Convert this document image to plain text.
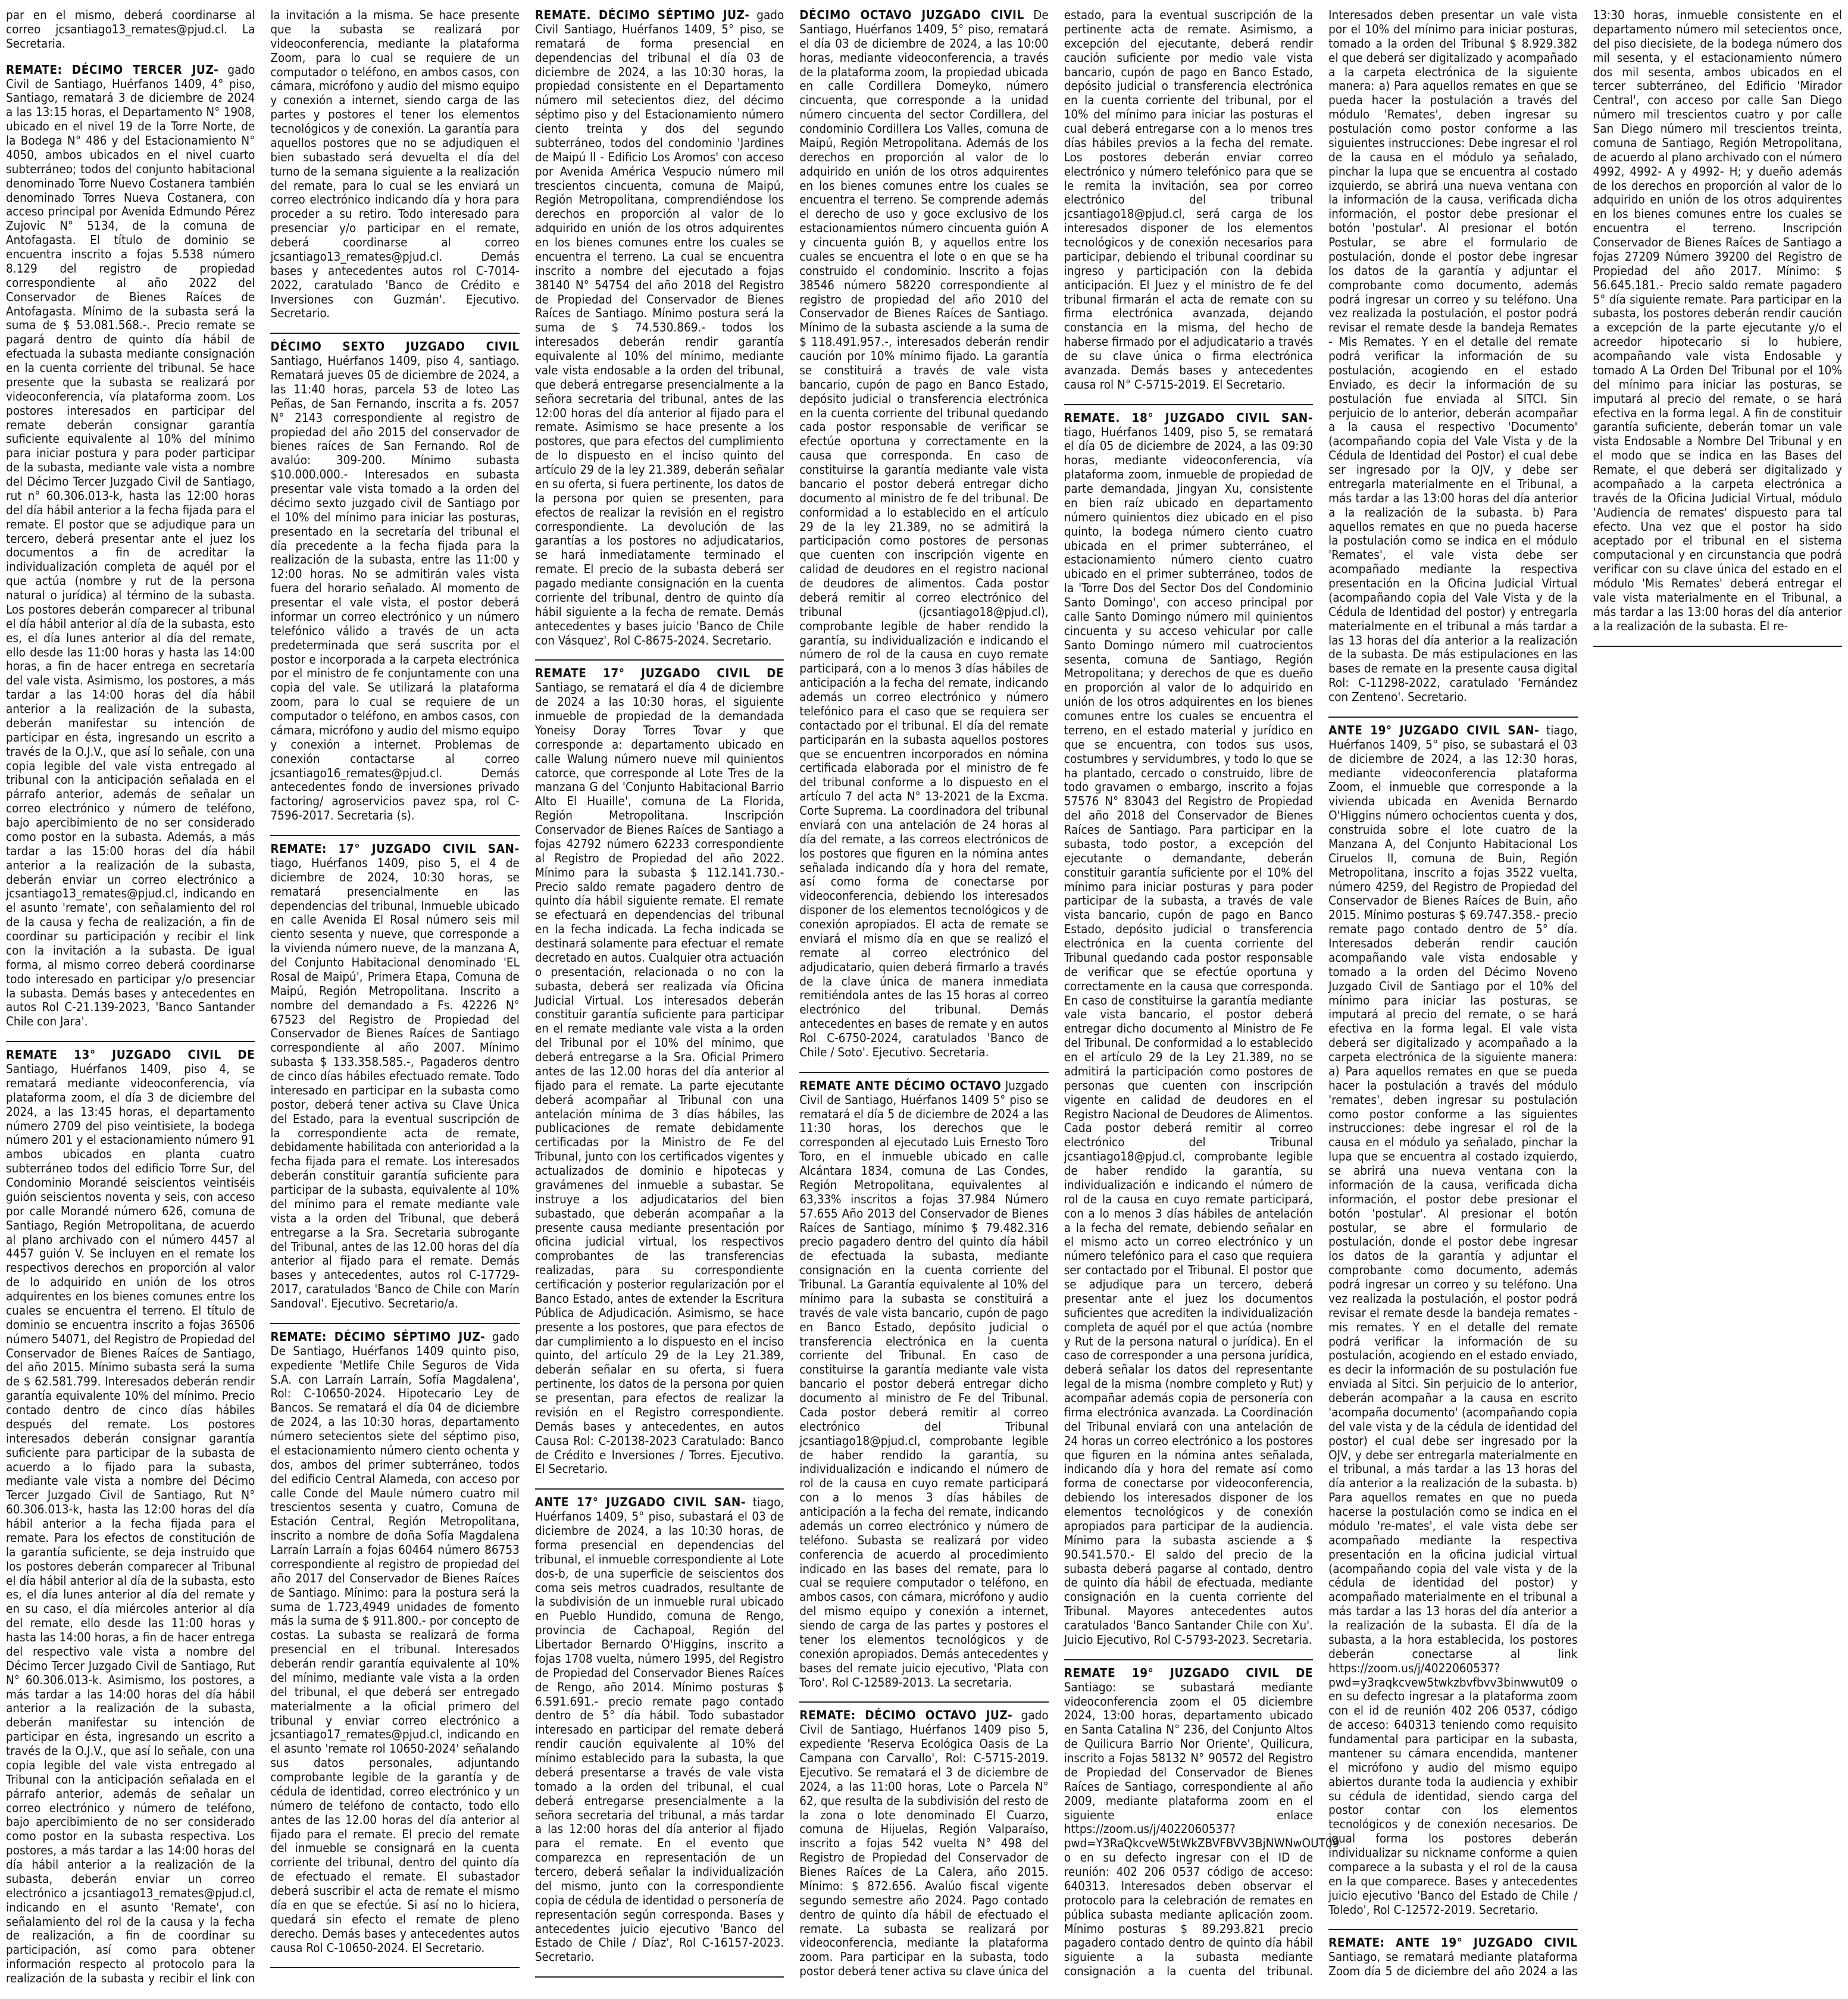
par en el mismo, deberá coordinarse al correo jcsantiago13_remates@pjud.cl. La Secretaria.
REMATE: DÉCIMO TERCER JUZ- gado Civil de Santiago, Huérfanos 1409, 4° piso, Santiago, rematará 3 de diciembre de 2024 a las 13:15 horas, el Departamento N° 1908, ubicado en el nivel 19 de la Torre Norte, de la Bodega N° 486 y del Estacionamiento N° 4050, ambos ubicados en el nivel cuarto subterráneo; todos del conjunto habitacional denominado Torre Nuevo Costanera también denominado Torres Nueva Costanera, con acceso principal por Avenida Edmundo Pérez Zujovic N° 5134, de la comuna de Antofagasta. El título de dominio se encuentra inscrito a fojas 5.538 número 8.129 del registro de propiedad correspondiente al año 2022 del Conservador de Bienes Raíces de Antofagasta. Mínimo de la subasta será la suma de $ 53.081.568.-. Precio remate se pagará dentro de quinto día hábil de efectuada la subasta mediante consignación en la cuenta corriente del tribunal. Se hace presente que la subasta se realizará por videoconferencia, vía plataforma zoom. Los postores interesados en participar del remate deberán consignar garantía suficiente equivalente al 10% del mínimo para iniciar postura y para poder participar de la subasta, mediante vale vista a nombre del Décimo Tercer Juzgado Civil de Santiago, rut n° 60.306.013-k, hasta las 12:00 horas del día hábil anterior a la fecha fijada para el remate. El postor que se adjudique para un tercero, deberá presentar ante el juez los documentos a fin de acreditar la individualización completa de aquél por el que actúa (nombre y rut de la persona natural o jurídica) al término de la subasta. Los postores deberán comparecer al tribunal el día hábil anterior al día de la subasta, esto es, el día lunes anterior al día del remate, ello desde las 11:00 horas y hasta las 14:00 horas, a fin de hacer entrega en secretaría del vale vista. Asimismo, los postores, a más tardar a las 14:00 horas del día hábil anterior a la realización de la subasta, deberán manifestar su intención de participar en ésta, ingresando un escrito a través de la O.J.V., que así lo señale, con una copia legible del vale vista entregado al tribunal con la anticipación señalada en el párrafo anterior, además de señalar un correo electrónico y número de teléfono, bajo apercibimiento de no ser considerado como postor en la subasta. Además, a más tardar a las 15:00 horas del día hábil anterior a la realización de la subasta, deberán enviar un correo electrónico a jcsantiago13_remates@pjud.cl, indicando en el asunto 'remate', con señalamiento del rol de la causa y fecha de realización, a fin de coordinar su participación y recibir el link con la invitación a la subasta. De igual forma, al mismo correo deberá coordinarse todo interesado en participar y/o presenciar la subasta. Demás bases y antecedentes en autos Rol C-21.139-2023, 'Banco Santander Chile con Jara'.
REMATE 13° JUZGADO CIVIL DE Santiago, Huérfanos 1409, piso 4, se rematará mediante videoconferencia, vía plataforma zoom, el día 3 de diciembre del 2024, a las 13:45 horas, el departamento número 2709 del piso veintisiete, la bodega número 201 y el estacionamiento número 91 ambos ubicados en planta cuatro subterráneo todos del edificio Torre Sur, del Condominio Morandé seiscientos veintiséis guión seiscientos noventa y seis, con acceso por calle Morandé número 626, comuna de Santiago, Región Metropolitana, de acuerdo al plano archivado con el número 4457 al 4457 guión V. Se incluyen en el remate los respectivos derechos en proporción al valor de lo adquirido en unión de los otros adquirentes en los bienes comunes entre los cuales se encuentra el terreno. El título de dominio se encuentra inscrito a fojas 36506 número 54071, del Registro de Propiedad del Conservador de Bienes Raíces de Santiago, del año 2015. Mínimo subasta será la suma de $ 62.581.799. Interesados deberán rendir garantía equivalente 10% del mínimo. Precio contado dentro de cinco días hábiles después del remate. Los postores interesados deberán consignar garantía suficiente para participar de la subasta de acuerdo a lo fijado para la subasta, mediante vale vista a nombre del Décimo Tercer Juzgado Civil de Santiago, Rut N° 60.306.013-k, hasta las 12:00 horas del día hábil anterior a la fecha fijada para el remate. Para los efectos de constitución de la garantía suficiente, se deja instruido que los postores deberán comparecer al Tribunal el día hábil anterior al día de la subasta, esto es, el día lunes anterior al día del remate y en su caso, el día miércoles anterior al día del remate, ello desde las 11:00 horas y hasta las 14:00 horas, a fin de hacer entrega del respectivo vale vista a nombre del Décimo Tercer Juzgado Civil de Santiago, Rut N° 60.306.013-k. Asimismo, los postores, a más tardar a las 14:00 horas del día hábil anterior a la realización de la subasta, deberán manifestar su intención de participar en ésta, ingresando un escrito a través de la O.J.V., que así lo señale, con una copia legible del vale vista entregado al Tribunal con la anticipación señalada en el párrafo anterior, además de señalar un correo electrónico y número de teléfono, bajo apercibimiento de no ser considerado como postor en la subasta respectiva. Los postores, a más tardar a las 14:00 horas del día hábil anterior a la realización de la subasta, deberán enviar un correo electrónico a jcsantiago13_remates@pjud.cl, indicando en el asunto 'Remate', con señalamiento del rol de la causa y la fecha de realización, a fin de coordinar su participación, así como para obtener información respecto al protocolo para la realización de la subasta y recibir el link con la invitación a la misma. Se hace presente que la subasta se realizará por videoconferencia, mediante la plataforma Zoom, para lo cual se requiere de un computador o teléfono, en ambos casos, con cámara, micrófono y audio del mismo equipo y conexión a internet, siendo carga de las partes y postores el tener los elementos tecnológicos y de conexión. La garantía para aquellos postores que no se adjudiquen el bien subastado será devuelta el día del turno de la semana siguiente a la realización del remate, para lo cual se les enviará un correo electrónico indicando día y hora para proceder a su retiro. Todo interesado para presenciar y/o participar en el remate, deberá coordinarse al correo jcsantiago13_remates@pjud.cl. Demás bases y antecedentes autos rol C-7014-2022, caratulado 'Banco de Crédito e Inversiones con Guzmán'. Ejecutivo. Secretario.
DÉCIMO SEXTO JUZGADO CIVIL Santiago, Huérfanos 1409, piso 4, santiago. Rematará jueves 05 de diciembre de 2024, a las 11:40 horas, parcela 53 de loteo Las Peñas, de San Fernando, inscrita a fs. 2057 N° 2143 correspondiente al registro de propiedad del año 2015 del conservador de bienes raíces de San Fernando. Rol de avalúo: 309-200. Mínimo subasta $10.000.000.- Interesados en subasta presentar vale vista tomado a la orden del décimo sexto juzgado civil de Santiago por el 10% del mínimo para iniciar las posturas, presentado en la secretaría del tribunal el día precedente a la fecha fijada para la realización de la subasta, entre las 11:00 y 12:00 horas. No se admitirán vales vista fuera del horario señalado. Al momento de presentar el vale vista, el postor deberá informar un correo electrónico y un número telefónico válido a través de un acta predeterminada que será suscrita por el postor e incorporada a la carpeta electrónica por el ministro de fe conjuntamente con una copia del vale. Se utilizará la plataforma zoom, para lo cual se requiere de un computador o teléfono, en ambos casos, con cámara, micrófono y audio del mismo equipo y conexión a internet. Problemas de conexión contactarse al correo jcsantiago16_remates@pjud.cl. Demás antecedentes fondo de inversiones privado factoring/ agroservicios pavez spa, rol C-7596-2017. Secretaria (s).
REMATE: 17° JUZGADO CIVIL SAN- tiago, Huérfanos 1409, piso 5, el 4 de diciembre de 2024, 10:30 horas, se rematará presencialmente en las dependencias del tribunal, Inmueble ubicado en calle Avenida El Rosal número seis mil ciento sesenta y nueve, que corresponde a la vivienda número nueve, de la manzana A, del Conjunto Habitacional denominado 'EL Rosal de Maipú', Primera Etapa, Comuna de Maipú, Región Metropolitana. Inscrito a nombre del demandado a Fs. 42226 N° 67523 del Registro de Propiedad del Conservador de Bienes Raíces de Santiago correspondiente al año 2007. Mínimo subasta $ 133.358.585.-, Pagaderos dentro de cinco días hábiles efectuado remate. Todo interesado en participar en la subasta como postor, deberá tener activa su Clave Única del Estado, para la eventual suscripción de la correspondiente acta de remate, debidamente habilitada con anterioridad a la fecha fijada para el remate. Los interesados deberán constituir garantía suficiente para participar de la subasta, equivalente al 10% del mínimo para el remate mediante vale vista a la orden del Tribunal, que deberá entregarse a la Sra. Secretaria subrogante del Tribunal, antes de las 12.00 horas del día anterior al fijado para el remate. Demás bases y antecedentes, autos rol C-17729-2017, caratulados 'Banco de Chile con Marín Sandoval'. Ejecutivo. Secretario/a.
REMATE: DÉCIMO SÉPTIMO JUZ- gado De Santiago, Huérfanos 1409 quinto piso, expediente 'Metlife Chile Seguros de Vida S.A. con Larraín Larraín, Sofía Magdalena', Rol: C-10650-2024. Hipotecario Ley de Bancos. Se rematará el día 04 de diciembre de 2024, a las 10:30 horas, departamento número setecientos siete del séptimo piso, el estacionamiento número ciento ochenta y dos, ambos del primer subterráneo, todos del edificio Central Alameda, con acceso por calle Conde del Maule número cuatro mil trescientos sesenta y cuatro, Comuna de Estación Central, Región Metropolitana, inscrito a nombre de doña Sofía Magdalena Larraín Larraín a fojas 60464 número 86753 correspondiente al registro de propiedad del año 2017 del Conservador de Bienes Raíces de Santiago. Mínimo: para la postura será la suma de 1.723,4949 unidades de fomento más la suma de $ 911.800.- por concepto de costas. La subasta se realizará de forma presencial en el tribunal. Interesados deberán rendir garantía equivalente al 10% del mínimo, mediante vale vista a la orden del tribunal, el que deberá ser entregado materialmente a la oficial primero del tribunal y enviar correo electrónico a jcsantiago17_remates@pjud.cl, indicando en el asunto 'remate rol 10650-2024' señalando sus datos personales, adjuntando comprobante legible de la garantía y de cédula de identidad, correo electrónico y un número de teléfono de contacto, todo ello antes de las 12.00 horas del día anterior al fijado para el remate. El precio del remate del inmueble se consignará en la cuenta corriente del tribunal, dentro del quinto día de efectuado el remate. El subastador deberá suscribir el acta de remate el mismo día en que se efectúe. Si así no lo hiciera, quedará sin efecto el remate de pleno derecho. Demás bases y antecedentes autos causa Rol C-10650-2024. El Secretario.
REMATE. DÉCIMO SÉPTIMO JUZ- gado Civil Santiago, Huérfanos 1409, 5° piso, se rematará de forma presencial en dependencias del tribunal el día 03 de diciembre de 2024, a las 10:30 horas, la propiedad consistente en el Departamento número mil setecientos diez, del décimo séptimo piso y del Estacionamiento número ciento treinta y dos del segundo subterráneo, todos del condominio 'Jardines de Maipú II - Edificio Los Aromos' con acceso por Avenida América Vespucio número mil trescientos cincuenta, comuna de Maipú, Región Metropolitana, comprendiéndose los derechos en proporción al valor de lo adquirido en unión de los otros adquirentes en los bienes comunes entre los cuales se encuentra el terreno. La cual se encuentra inscrito a nombre del ejecutado a fojas 38140 N° 54754 del año 2018 del Registro de Propiedad del Conservador de Bienes Raíces de Santiago. Mínimo postura será la suma de $ 74.530.869.- todos los interesados deberán rendir garantía equivalente al 10% del mínimo, mediante vale vista endosable a la orden del tribunal, que deberá entregarse presencialmente a la señora secretaria del tribunal, antes de las 12:00 horas del día anterior al fijado para el remate. Asimismo se hace presente a los postores, que para efectos del cumplimiento de lo dispuesto en el inciso quinto del artículo 29 de la ley 21.389, deberán señalar en su oferta, si fuera pertinente, los datos de la persona por quien se presenten, para efectos de realizar la revisión en el registro correspondiente. La devolución de las garantías a los postores no adjudicatarios, se hará inmediatamente terminado el remate. El precio de la subasta deberá ser pagado mediante consignación en la cuenta corriente del tribunal, dentro de quinto día hábil siguiente a la fecha de remate. Demás antecedentes y bases juicio 'Banco de Chile con Vásquez', Rol C-8675-2024. Secretario.
REMATE 17° JUZGADO CIVIL DE Santiago, se rematará el día 4 de diciembre de 2024 a las 10:30 horas, el siguiente inmueble de propiedad de la demandada Yoneisy Doray Torres Tovar y que corresponde a: departamento ubicado en calle Walung número nueve mil quinientos catorce, que corresponde al Lote Tres de la manzana G del 'Conjunto Habitacional Barrio Alto El Huaille', comuna de La Florida, Región Metropolitana. Inscripción Conservador de Bienes Raíces de Santiago a fojas 42792 número 62233 correspondiente al Registro de Propiedad del año 2022. Mínimo para la subasta $ 112.141.730.- Precio saldo remate pagadero dentro de quinto día hábil siguiente remate. El remate se efectuará en dependencias del tribunal en la fecha indicada. La fecha indicada se destinará solamente para efectuar el remate decretado en autos. Cualquier otra actuación o presentación, relacionada o no con la subasta, deberá ser realizada vía Oficina Judicial Virtual. Los interesados deberán constituir garantía suficiente para participar en el remate mediante vale vista a la orden del Tribunal por el 10% del mínimo, que deberá entregarse a la Sra. Oficial Primero antes de las 12.00 horas del día anterior al fijado para el remate. La parte ejecutante deberá acompañar al Tribunal con una antelación mínima de 3 días hábiles, las publicaciones de remate debidamente certificadas por la Ministro de Fe del Tribunal, junto con los certificados vigentes y actualizados de dominio e hipotecas y gravámenes del inmueble a subastar. Se instruye a los adjudicatarios del bien subastado, que deberán acompañar a la presente causa mediante presentación por oficina judicial virtual, los respectivos comprobantes de las transferencias realizadas, para su correspondiente certificación y posterior regularización por el Banco Estado, antes de extender la Escritura Pública de Adjudicación. Asimismo, se hace presente a los postores, que para efectos de dar cumplimiento a lo dispuesto en el inciso quinto, del artículo 29 de la Ley 21.389, deberán señalar en su oferta, si fuera pertinente, los datos de la persona por quien se presentan, para efectos de realizar la revisión en el Registro correspondiente. Demás bases y antecedentes, en autos Causa Rol: C-20138-2023 Caratulado: Banco de Crédito e Inversiones / Torres. Ejecutivo. El Secretario.
ANTE 17° JUZGADO CIVIL SAN- tiago, Huérfanos 1409, 5° piso, subastará el 03 de diciembre de 2024, a las 10:30 horas, de forma presencial en dependencias del tribunal, el inmueble correspondiente al Lote dos-b, de una superficie de seiscientos dos coma seis metros cuadrados, resultante de la subdivisión de un inmueble rural ubicado en Pueblo Hundido, comuna de Rengo, provincia de Cachapoal, Región del Libertador Bernardo O'Higgins, inscrito a fojas 1708 vuelta, número 1995, del Registro de Propiedad del Conservador Bienes Raíces de Rengo, año 2014. Mínimo posturas $ 6.591.691.- precio remate pago contado dentro de 5° día hábil. Todo subastador interesado en participar del remate deberá rendir caución equivalente al 10% del mínimo establecido para la subasta, la que deberá presentarse a través de vale vista tomado a la orden del tribunal, el cual deberá entregarse presencialmente a la señora secretaria del tribunal, a más tardar a las 12:00 horas del día anterior al fijado para el remate. En el evento que comparezca en representación de un tercero, deberá señalar la individualización del mismo, junto con la correspondiente copia de cédula de identidad o personería de representación según corresponda. Bases y antecedentes juicio ejecutivo 'Banco del Estado de Chile / Díaz', Rol C-16157-2023. Secretario.
DÉCIMO OCTAVO JUZGADO CIVIL De Santiago, Huérfanos 1409, 5° piso, rematará el día 03 de diciembre de 2024, a las 10:00 horas, mediante videoconferencia, a través de la plataforma zoom, la propiedad ubicada en calle Cordillera Domeyko, número cincuenta, que corresponde a la unidad número cincuenta del sector Cordillera, del condominio Cordillera Los Valles, comuna de Maipú, Región Metropolitana. Además de los derechos en proporción al valor de lo adquirido en unión de los otros adquirentes en los bienes comunes entre los cuales se encuentra el terreno. Se comprende además el derecho de uso y goce exclusivo de los estacionamientos número cincuenta guión A y cincuenta guión B, y aquellos entre los cuales se encuentra el lote o en que se ha construido el condominio. Inscrito a fojas 38546 número 58220 correspondiente al registro de propiedad del año 2010 del Conservador de Bienes Raíces de Santiago. Mínimo de la subasta asciende a la suma de $ 118.491.957.-, interesados deberán rendir caución por 10% mínimo fijado. La garantía se constituirá a través de vale vista bancario, cupón de pago en Banco Estado, depósito judicial o transferencia electrónica en la cuenta corriente del tribunal quedando cada postor responsable de verificar se efectúe oportuna y correctamente en la causa que corresponda. En caso de constituirse la garantía mediante vale vista bancario el postor deberá entregar dicho documento al ministro de fe del tribunal. De conformidad a lo establecido en el artículo 29 de la ley 21.389, no se admitirá la participación como postores de personas que cuenten con inscripción vigente en calidad de deudores en el registro nacional de deudores de alimentos. Cada postor deberá remitir al correo electrónico del tribunal (jcsantiago18@pjud.cl), comprobante legible de haber rendido la garantía, su individualización e indicando el número de rol de la causa en cuyo remate participará, con a lo menos 3 días hábiles de anticipación a la fecha del remate, indicando además un correo electrónico y número telefónico para el caso que se requiera ser contactado por el tribunal. El día del remate participarán en la subasta aquellos postores que se encuentren incorporados en nómina certificada elaborada por el ministro de fe del tribunal conforme a lo dispuesto en el artículo 7 del acta N° 13-2021 de la Excma. Corte Suprema. La coordinadora del tribunal enviará con una antelación de 24 horas al día del remate, a las correos electrónicos de los postores que figuren en la nómina antes señalada indicando día y hora del remate, así como forma de conectarse por videoconferencia, debiendo los interesados disponer de los elementos tecnológicos y de conexión apropiados. El acta de remate se enviará el mismo día en que se realizó el remate al correo electrónico del adjudicatario, quien deberá firmarlo a través de la clave única de manera inmediata remitiéndola antes de las 15 horas al correo electrónico del tribunal. Demás antecedentes en bases de remate y en autos Rol C-6750-2024, caratulados 'Banco de Chile / Soto'. Ejecutivo. Secretaria.
REMATE ANTE DÉCIMO OCTAVO Juzgado Civil de Santiago, Huérfanos 1409 5° piso se rematará el día 5 de diciembre de 2024 a las 11:30 horas, los derechos que le corresponden al ejecutado Luis Ernesto Toro Toro, en el inmueble ubicado en calle Alcántara 1834, comuna de Las Condes, Región Metropolitana, equivalentes al 63,33% inscritos a fojas 37.984 Número 57.655 Año 2013 del Conservador de Bienes Raíces de Santiago, mínimo $ 79.482.316 precio pagadero dentro del quinto día hábil de efectuada la subasta, mediante consignación en la cuenta corriente del Tribunal. La Garantía equivalente al 10% del mínimo para la subasta se constituirá a través de vale vista bancario, cupón de pago en Banco Estado, depósito judicial o transferencia electrónica en la cuenta corriente del Tribunal. En caso de constituirse la garantía mediante vale vista bancario el postor deberá entregar dicho documento al ministro de Fe del Tribunal. Cada postor deberá remitir al correo electrónico del Tribunal jcsantiago18@pjud.cl, comprobante legible de haber rendido la garantía, su individualización e indicando el número de rol de la causa en cuyo remate participará con a lo menos 3 días hábiles de anticipación a la fecha del remate, indicando además un correo electrónico y número de teléfono. Subasta se realizará por video conferencia de acuerdo al procedimiento indicado en las bases del remate, para lo cual se requiere computador o teléfono, en ambos casos, con cámara, micrófono y audio del mismo equipo y conexión a internet, siendo de carga de las partes y postores el tener los elementos tecnológicos y de conexión apropiados. Demás antecedentes y bases del remate juicio ejecutivo, 'Plata con Toro'. Rol C-12589-2013. La secretaria.
REMATE: DÉCIMO OCTAVO JUZ- gado Civil de Santiago, Huérfanos 1409 piso 5, expediente 'Reserva Ecológica Oasis de La Campana con Carvallo', Rol: C-5715-2019. Ejecutivo. Se rematará el 3 de diciembre de 2024, a las 11:00 horas, Lote o Parcela N° 62, que resulta de la subdivisión del resto de la zona o lote denominado El Cuarzo, comuna de Hijuelas, Región Valparaíso, inscrito a fojas 542 vuelta N° 498 del Registro de Propiedad del Conservador de Bienes Raíces de La Calera, año 2015. Mínimo: $ 872.656. Avalúo fiscal vigente segundo semestre año 2024. Pago contado dentro de quinto día hábil de efectuado el remate. La subasta se realizará por videoconferencia, mediante la plataforma zoom. Para participar en la subasta, todo postor deberá tener activa su clave única del estado, para la eventual suscripción de la pertinente acta de remate. Asimismo, a excepción del ejecutante, deberá rendir caución suficiente por medio vale vista bancario, cupón de pago en Banco Estado, depósito judicial o transferencia electrónica en la cuenta corriente del tribunal, por el 10% del mínimo para iniciar las posturas el cual deberá entregarse con a lo menos tres días hábiles previos a la fecha del remate. Los postores deberán enviar correo electrónico y número telefónico para que se le remita la invitación, sea por correo electrónico del tribunal jcsantiago18@pjud.cl, será carga de los interesados disponer de los elementos tecnológicos y de conexión necesarios para participar, debiendo el tribunal coordinar su ingreso y participación con la debida anticipación. El Juez y el ministro de fe del tribunal firmarán el acta de remate con su firma electrónica avanzada, dejando constancia en la misma, del hecho de haberse firmado por el adjudicatario a través de su clave única o firma electrónica avanzada. Demás bases y antecedentes causa rol N° C-5715-2019. El Secretario.
REMATE. 18° JUZGADO CIVIL SAN- tiago, Huérfanos 1409, piso 5, se rematará el día 05 de diciembre de 2024, a las 09:30 horas, mediante videoconferencia, vía plataforma zoom, inmueble de propiedad de parte demandada, Jingyan Xu, consistente en bien raíz ubicado en departamento número quinientos diez ubicado en el piso quinto, la bodega número ciento cuatro ubicada en el primer subterráneo, el estacionamiento número ciento cuatro ubicado en el primer subterráneo, todos de la 'Torre Dos del Sector Dos del Condominio Santo Domingo', con acceso principal por calle Santo Domingo número mil quinientos cincuenta y su acceso vehicular por calle Santo Domingo número mil cuatrocientos sesenta, comuna de Santiago, Región Metropolitana; y derechos de que es dueño en proporción al valor de lo adquirido en unión de los otros adquirentes en los bienes comunes entre los cuales se encuentra el terreno, en el estado material y jurídico en que se encuentra, con todos sus usos, costumbres y servidumbres, y todo lo que se ha plantado, cercado o construido, libre de todo gravamen o embargo, inscrito a fojas 57576 N° 83043 del Registro de Propiedad del año 2018 del Conservador de Bienes Raíces de Santiago. Para participar en la subasta, todo postor, a excepción del ejecutante o demandante, deberán constituir garantía suficiente por el 10% del mínimo para iniciar posturas y para poder participar de la subasta, a través de vale vista bancario, cupón de pago en Banco Estado, depósito judicial o transferencia electrónica en la cuenta corriente del Tribunal quedando cada postor responsable de verificar que se efectúe oportuna y correctamente en la causa que corresponda. En caso de constituirse la garantía mediante vale vista bancario, el postor deberá entregar dicho documento al Ministro de Fe del Tribunal. De conformidad a lo establecido en el artículo 29 de la Ley 21.389, no se admitirá la participación como postores de personas que cuenten con inscripción vigente en calidad de deudores en el Registro Nacional de Deudores de Alimentos. Cada postor deberá remitir al correo electrónico del Tribunal jcsantiago18@pjud.cl, comprobante legible de haber rendido la garantía, su individualización e indicando el número de rol de la causa en cuyo remate participará, con a lo menos 3 días hábiles de antelación a la fecha del remate, debiendo señalar en el mismo acto un correo electrónico y un número telefónico para el caso que requiera ser contactado por el Tribunal. El postor que se adjudique para un tercero, deberá presentar ante el juez los documentos suficientes que acrediten la individualización completa de aquél por el que actúa (nombre y Rut de la persona natural o jurídica). En el caso de corresponder a una persona jurídica, deberá señalar los datos del representante legal de la misma (nombre completo y Rut) y acompañar además copia de personería con firma electrónica avanzada. La Coordinación del Tribunal enviará con una antelación de 24 horas un correo electrónico a los postores que figuren en la nómina antes señalada, indicando día y hora del remate así como forma de conectarse por videoconferencia, debiendo los interesados disponer de los elementos tecnológicos y de conexión apropiados para participar de la audiencia. Mínimo para la subasta asciende a $ 90.541.570.- El saldo del precio de la subasta deberá pagarse al contado, dentro de quinto día hábil de efectuada, mediante consignación en la cuenta corriente del Tribunal. Mayores antecedentes autos caratulados 'Banco Santander Chile con Xu'. Juicio Ejecutivo, Rol C-5793-2023. Secretaria.
REMATE 19° JUZGADO CIVIL DE Santiago: se subastará mediante videoconferencia zoom el 05 diciembre 2024, 13:00 horas, departamento ubicado en Santa Catalina N° 236, del Conjunto Altos de Quilicura Barrio Nor Oriente', Quilicura, inscrito a Fojas 58132 N° 90572 del Registro de Propiedad del Conservador de Bienes Raíces de Santiago, correspondiente al año 2009, mediante plataforma zoom en el siguiente enlace https://zoom.us/j/4022060537?pwd=Y3RaQkcveW5tWkZBVFBVV3BjNWNwOUT09 o en su defecto ingresar con el ID de reunión: 402 206 0537 código de acceso: 640313. Interesados deben observar el protocolo para la celebración de remates en pública subasta mediante aplicación zoom. Mínimo posturas $ 89.293.821 precio pagadero contado dentro de quinto día hábil siguiente a la subasta mediante consignación a la cuenta del tribunal. Interesados deben presentar un vale vista por el 10% del mínimo para iniciar posturas, tomado a la orden del Tribunal $ 8.929.382 el que deberá ser digitalizado y acompañado a la carpeta electrónica de la siguiente manera: a) Para aquellos remates en que se pueda hacer la postulación a través del módulo 'Remates', deben ingresar su postulación como postor conforme a las siguientes instrucciones: Debe ingresar el rol de la causa en el módulo ya señalado, pinchar la lupa que se encuentra al costado izquierdo, se abrirá una nueva ventana con la información de la causa, verificada dicha información, el postor debe presionar el botón 'postular'. Al presionar el botón Postular, se abre el formulario de postulación, donde el postor debe ingresar los datos de la garantía y adjuntar el comprobante como documento, además podrá ingresar un correo y su teléfono. Una vez realizada la postulación, el postor podrá revisar el remate desde la bandeja Remates - Mis Remates. Y en el detalle del remate podrá verificar la información de su postulación, acogiendo en el estado Enviado, es decir la información de su postulación fue enviada al SITCI. Sin perjuicio de lo anterior, deberán acompañar a la causa el respectivo 'Documento' (acompañando copia del Vale Vista y de la Cédula de Identidad del Postor) el cual debe ser ingresado por la OJV, y debe ser entregarla materialmente en el Tribunal, a más tardar a las 13:00 horas del día anterior a la realización de la subasta. b) Para aquellos remates en que no pueda hacerse la postulación como se indica en el módulo 'Remates', el vale vista debe ser acompañado mediante la respectiva presentación en la Oficina Judicial Virtual (acompañando copia del Vale Vista y de la Cédula de Identidad del postor) y entregarla materialmente en el tribunal a más tardar a las 13 horas del día anterior a la realización de la subasta. De más estipulaciones en las bases de remate en la presente causa digital Rol: C-11298-2022, caratulado 'Fernández con Zenteno'. Secretario.
ANTE 19° JUZGADO CIVIL SAN- tiago, Huérfanos 1409, 5° piso, se subastará el 03 de diciembre de 2024, a las 12:30 horas, mediante videoconferencia plataforma Zoom, el inmueble que corresponde a la vivienda ubicada en Avenida Bernardo O'Higgins número ochocientos cuenta y dos, construida sobre el lote cuatro de la Manzana A, del Conjunto Habitacional Los Ciruelos II, comuna de Buin, Región Metropolitana, inscrito a fojas 3522 vuelta, número 4259, del Registro de Propiedad del Conservador de Bienes Raíces de Buin, año 2015. Mínimo posturas $ 69.747.358.- precio remate pago contado dentro de 5° día. Interesados deberán rendir caución acompañando vale vista endosable y tomado a la orden del Décimo Noveno Juzgado Civil de Santiago por el 10% del mínimo para iniciar las posturas, se imputará al precio del remate, o se hará efectiva en la forma legal. El vale vista deberá ser digitalizado y acompañado a la carpeta electrónica de la siguiente manera: a) Para aquellos remates en que se pueda hacer la postulación a través del módulo 'remates', deben ingresar su postulación como postor conforme a las siguientes instrucciones: debe ingresar el rol de la causa en el módulo ya señalado, pinchar la lupa que se encuentra al costado izquierdo, se abrirá una nueva ventana con la información de la causa, verificada dicha información, el postor debe presionar el botón 'postular'. Al presionar el botón postular, se abre el formulario de postulación, donde el postor debe ingresar los datos de la garantía y adjuntar el comprobante como documento, además podrá ingresar un correo y su teléfono. Una vez realizada la postulación, el postor podrá revisar el remate desde la bandeja remates - mis remates. Y en el detalle del remate podrá verificar la información de su postulación, acogiendo en el estado enviado, es decir la información de su postulación fue enviada al Sitci. Sin perjuicio de lo anterior, deberán acompañar a la causa en escrito 'acompaña documento' (acompañando copia del vale vista y de la cédula de identidad del postor) el cual debe ser ingresado por la OJV, y debe ser entregarla materialmente en el tribunal, a más tardar a las 13 horas del día anterior a la realización de la subasta. b) Para aquellos remates en que no pueda hacerse la postulación como se indica en el módulo 're-mates', el vale vista debe ser acompañado mediante la respectiva presentación en la oficina judicial virtual (acompañando copia del vale vista y de la cédula de identidad del postor) y acompañado materialmente en el tribunal a más tardar a las 13 horas del día anterior a la realización de la subasta. El día de la subasta, a la hora establecida, los postores deberán conectarse al link https://zoom.us/j/4022060537?pwd=y3raqkcvew5twkzbvfbvv3binwwut09 o en su defecto ingresar a la plataforma zoom con el id de reunión 402 206 0537, código de acceso: 640313 teniendo como requisito fundamental para participar en la subasta, mantener su cámara encendida, mantener el micrófono y audio del mismo equipo abiertos durante toda la audiencia y exhibir su cédula de identidad, siendo carga del postor contar con los elementos tecnológicos y de conexión necesarios. De igual forma los postores deberán individualizar su nickname conforme a quien comparece a la subasta y el rol de la causa en la que comparece. Bases y antecedentes juicio ejecutivo 'Banco del Estado de Chile / Toledo', Rol C-12572-2019. Secretario.
REMATE: ANTE 19° JUZGADO CIVIL Santiago, se rematará mediante plataforma Zoom día 5 de diciembre del año 2024 a las 13:30 horas, inmueble consistente en el departamento número mil setecientos once, del piso diecisiete, de la bodega número dos mil sesenta, y el estacionamiento número dos mil sesenta, ambos ubicados en el tercer subterráneo, del Edificio 'Mirador Central', con acceso por calle San Diego número mil trescientos cuatro y por calle San Diego número mil trescientos treinta, comuna de Santiago, Región Metropolitana, de acuerdo al plano archivado con el número 4992, 4992- A y 4992- H; y dueño además de los derechos en proporción al valor de lo adquirido en unión de los otros adquirentes en los bienes comunes entre los cuales se encuentra el terreno. Inscripción Conservador de Bienes Raíces de Santiago a fojas 27209 Número 39200 del Registro de Propiedad del año 2017. Mínimo: $ 56.645.181.- Precio saldo remate pagadero 5° día siguiente remate. Para participar en la subasta, los postores deberán rendir caución a excepción de la parte ejecutante y/o el acreedor hipotecario si lo hubiere, acompañando vale vista Endosable y tomado A La Orden Del Tribunal por el 10% del mínimo para iniciar las posturas, se imputará al precio del remate, o se hará efectiva en la forma legal. A fin de constituir garantía suficiente, deberán tomar un vale vista Endosable a Nombre Del Tribunal y en el modo que se indica en las Bases del Remate, el que deberá ser digitalizado y acompañado a la carpeta electrónica a través de la Oficina Judicial Virtual, módulo 'Audiencia de remates' dispuesto para tal efecto. Una vez que el postor ha sido aceptado por el tribunal en el sistema computacional y en circunstancia que podrá verificar con su clave única del estado en el módulo 'Mis Remates' deberá entregar el vale vista materialmente en el Tribunal, a más tardar a las 13:00 horas del día anterior a la realización de la subasta. El re-
